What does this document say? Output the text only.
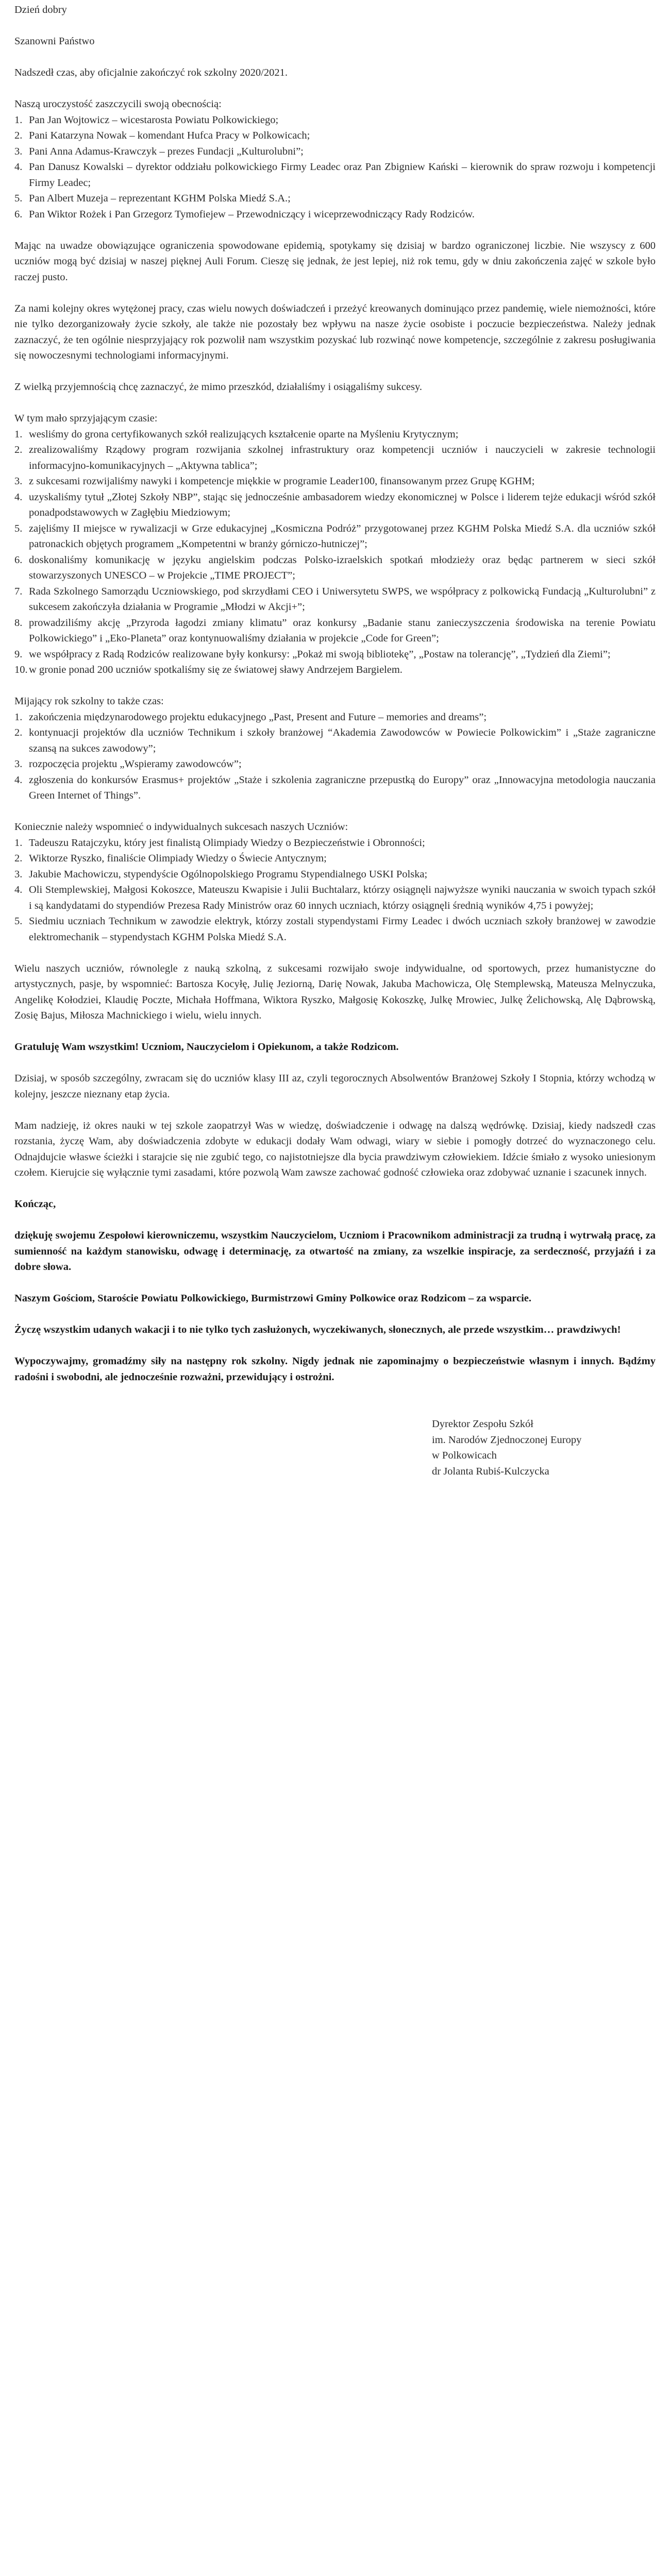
Dzień dobry

Szanowni Państwo

Nadszedł czas, aby oficjalnie zakończyć rok szkolny 2020/2021.

Naszą uroczystość zaszczycili swoją obecnością:

1. Pan Jan Wojtowicz – wicestarosta Powiatu Polkowickiego;
2. Pani Katarzyna Nowak – komendant Hufca Pracy w Polkowicach;
3. Pani Anna Adamus-Krawczyk – prezes Fundacji „Kulturolubni”;
4. Pan Danusz Kowalski – dyrektor oddziału polkowickiego Firmy Leadec oraz Pan Zbigniew Kański – kierownik do spraw rozwoju i kompetencji Firmy Leadec;
5. Pan Albert Muzeja – reprezentant KGHM Polska Miedź S.A.;
6. Pan Wiktor Rożek i Pan Grzegorz Tymofiejew – Przewodniczący i wiceprzewodniczący Rady Rodziców.

Mając na uwadze obowiązujące ograniczenia spowodowane epidemią, spotykamy się dzisiaj w bardzo ograniczonej liczbie. Nie wszyscy z 600 uczniów mogą być dzisiaj w naszej pięknej Auli Forum. Cieszę się jednak, że jest lepiej, niż rok temu, gdy w dniu zakończenia zajęć w szkole było raczej pusto.

Za nami kolejny okres wytężonej pracy, czas wielu nowych doświadczeń i przeżyć kreowanych dominująco przez pandemię, wiele niemożności, które nie tylko dezorganizowały życie szkoły, ale także nie pozostały bez wpływu na nasze życie osobiste i poczucie bezpieczeństwa. Należy jednak zaznaczyć, że ten ogólnie niesprzyjający rok pozwolił nam wszystkim pozyskać lub rozwinąć nowe kompetencje, szczególnie z zakresu posługiwania się nowoczesnymi technologiami informacyjnymi.

Z wielką przyjemnością chcę zaznaczyć, że mimo przeszkód, działaliśmy i osiągaliśmy sukcesy.

W tym mało sprzyjającym czasie:

1. wesliśmy do grona certyfikowanych szkół realizujących kształcenie oparte na Myśleniu Krytycznym;
2. zrealizowaliśmy Rządowy program rozwijania szkolnej infrastruktury oraz kompetencji uczniów i nauczycieli w zakresie technologii informacyjno-komunikacyjnych – „Aktywna tablica”;
3. z sukcesami rozwijaliśmy nawyki i kompetencje miękkie w programie Leader100, finansowanym przez Grupę KGHM;
4. uzyskaliśmy tytuł „Złotej Szkoły NBP”, stając się jednocześnie ambasadorem wiedzy ekonomicznej w Polsce i liderem tejże edukacji wśród szkół ponadpodstawowych w Zagłębiu Miedziowym;
5. zajęliśmy II miejsce w rywalizacji w Grze edukacyjnej „Kosmiczna Podróż” przygotowanej przez KGHM Polska Miedź S.A. dla uczniów szkół patronackich objętych programem „Kompetentni w branży górniczo-hutniczej”;
6. doskonaliśmy komunikację w języku angielskim podczas Polsko-izraelskich spotkań młodzieży oraz będąc partnerem w sieci szkół stowarzyszonych UNESCO – w Projekcie „TIME PROJECT”;
7. Rada Szkolnego Samorządu Uczniowskiego, pod skrzydłami CEO i Uniwersytetu SWPS, we współpracy z polkowicką Fundacją „Kulturolubni” z sukcesem zakończyła działania w Programie „Młodzi w Akcji+”;
8. prowadziliśmy akcję „Przyroda łagodzi zmiany klimatu” oraz konkursy „Badanie stanu zanieczyszczenia środowiska na terenie Powiatu Polkowickiego” i „Eko-Planeta” oraz kontynuowaliśmy działania w projekcie „Code for Green”;
9. we współpracy z Radą Rodziców realizowane były konkursy: „Pokaż mi swoją bibliotekę”, „Postaw na tolerancję”, „Tydzień dla Ziemi”;
10. w gronie ponad 200 uczniów spotkaliśmy się ze światowej sławy Andrzejem Bargielem.

Mijający rok szkolny to także czas:

1. zakończenia międzynarodowego projektu edukacyjnego „Past, Present and Future – memories and dreams”;
2. kontynuacji projektów dla uczniów Technikum i szkoły branżowej “Akademia Zawodowców w Powiecie Polkowickim” i „Staże zagraniczne szansą na sukces zawodowy”;
3. rozpoczęcia projektu „Wspieramy zawodowców”;
4. zgłoszenia do konkursów Erasmus+ projektów „Staże i szkolenia zagraniczne przepustką do Europy” oraz „Innowacyjna metodologia nauczania Green Internet of Things”.

Koniecznie należy wspomnieć o indywidualnych sukcesach naszych Uczniów:

1. Tadeuszu Ratajczyku, który jest finalistą Olimpiady Wiedzy o Bezpieczeństwie i Obronności;
2. Wiktorze Ryszko, finaliście Olimpiady Wiedzy o Świecie Antycznym;
3. Jakubie Machowiczu, stypendyście Ogólnopolskiego Programu Stypendialnego USKI Polska;
4. Oli Stemplewskiej, Małgosi Kokoszce, Mateuszu Kwapisie i Julii Buchtalarz, którzy osiągnęli najwyższe wyniki nauczania w swoich typach szkół i są kandydatami do stypendiów Prezesa Rady Ministrów oraz 60 innych uczniach, którzy osiągnęli średnią wyników 4,75 i powyżej;
5. Siedmiu uczniach Technikum w zawodzie elektryk, którzy zostali stypendystami Firmy Leadec i dwóch uczniach szkoły branżowej w zawodzie elektromechanik – stypendystach KGHM Polska Miedź S.A.

Wielu naszych uczniów, równolegle z nauką szkolną, z sukcesami rozwijało swoje indywidualne, od sportowych, przez humanistyczne do artystycznych, pasje, by wspomnieć: Bartosza Kocyłę, Julię Jeziorną, Darię Nowak, Jakuba Machowicza, Olę Stemplewską, Mateusza Melnyczuka, Angelikę Kołodziei, Klaudię Poczte, Michała Hoffmana, Wiktora Ryszko, Małgosię Kokoszkę, Julkę Mrowiec, Julkę Żelichowską, Alę Dąbrowską, Zosię Bajus, Miłosza Machnickiego i wielu, wielu innych.

Gratuluję Wam wszystkim! Uczniom, Nauczycielom i Opiekunom, a także Rodzicom.

Dzisiaj, w sposób szczególny, zwracam się do uczniów klasy III az, czyli tegorocznych Absolwentów Branżowej Szkoły I Stopnia, którzy wchodzą w kolejny, jeszcze nieznany etap życia.

Mam nadzieję, iż okres nauki w tej szkole zaopatrzył Was w wiedzę, doświadczenie i odwagę na dalszą wędrówkę. Dzisiaj, kiedy nadszedł czas rozstania, życzę Wam, aby doświadczenia zdobyte w edukacji dodały Wam odwagi, wiary w siebie i pomogły dotrzeć do wyznaczonego celu. Odnajdujcie właswe ścieżki i starajcie się nie zgubić tego, co najistotniejsze dla bycia prawdziwym człowiekiem. Idźcie śmiało z wysoko uniesionym czołem. Kierujcie się wyłącznie tymi zasadami, które pozwolą Wam zawsze zachować godność człowieka oraz zdobywać uznanie i szacunek innych.

Kończąc,

dziękuję swojemu Zespołowi kierowniczemu, wszystkim Nauczycielom, Uczniom i Pracownikom administracji za trudną i wytrwałą pracę, za sumienność na każdym stanowisku, odwagę i determinację, za otwartość na zmiany, za wszelkie inspiracje, za serdeczność, przyjaźń i za dobre słowa.

Naszym Gościom, Staroście Powiatu Polkowickiego, Burmistrzowi Gminy Polkowice oraz Rodzicom – za wsparcie.

Życzę wszystkim udanych wakacji i to nie tylko tych zasłużonych, wyczekiwanych, słonecznych, ale przede wszystkim… prawdziwych!

Wypoczywajmy, gromadźmy siły na następny rok szkolny. Nigdy jednak nie zapominajmy o bezpieczeństwie własnym i innych. Bądźmy radośni i swobodni, ale jednocześnie rozważni, przewidujący i ostrożni.

Dyrektor Zespołu Szkół

im. Narodów Zjednoczonej Europy

w Polkowicach

dr Jolanta Rubiś-Kulczycka
